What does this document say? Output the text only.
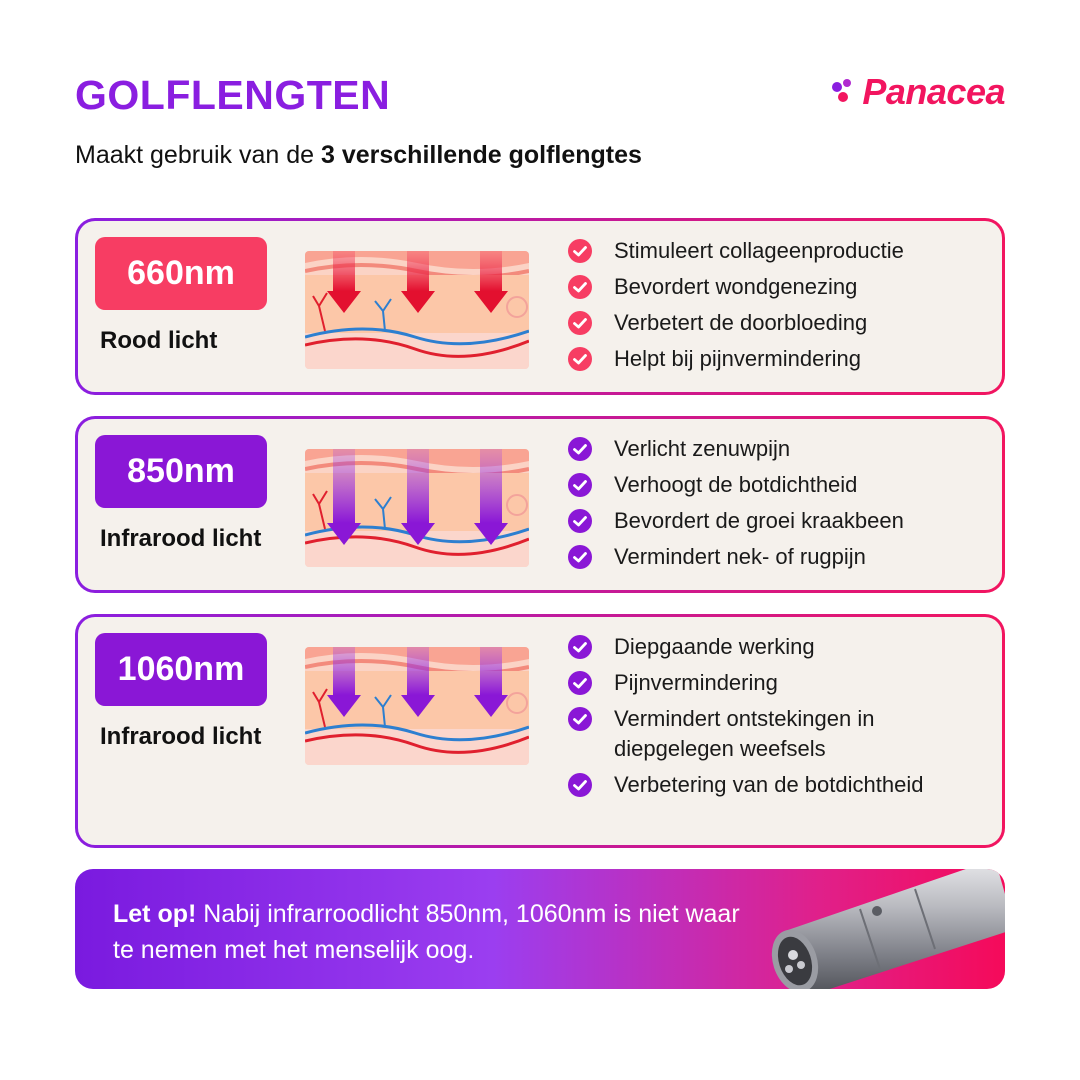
GOLFLENGTEN	Panacea

Maakt gebruik van de 3 verschillende golflengtes

660nm
Rood licht
Stimuleert collageenproductie
Bevordert wondgenezing
Verbetert de doorbloeding
Helpt bij pijnvermindering
850nm
Infrarood licht
Verlicht zenuwpijn
Verhoogt de botdichtheid
Bevordert de groei kraakbeen
Vermindert nek- of rugpijn
1060nm
Infrarood licht
Diepgaande werking
Pijnvermindering
Vermindert ontstekingen in diepgelegen weefsels
Verbetering van de botdichtheid

Let op! Nabij infrarroodlicht 850nm, 1060nm is niet waar te nemen met het menselijk oog.
